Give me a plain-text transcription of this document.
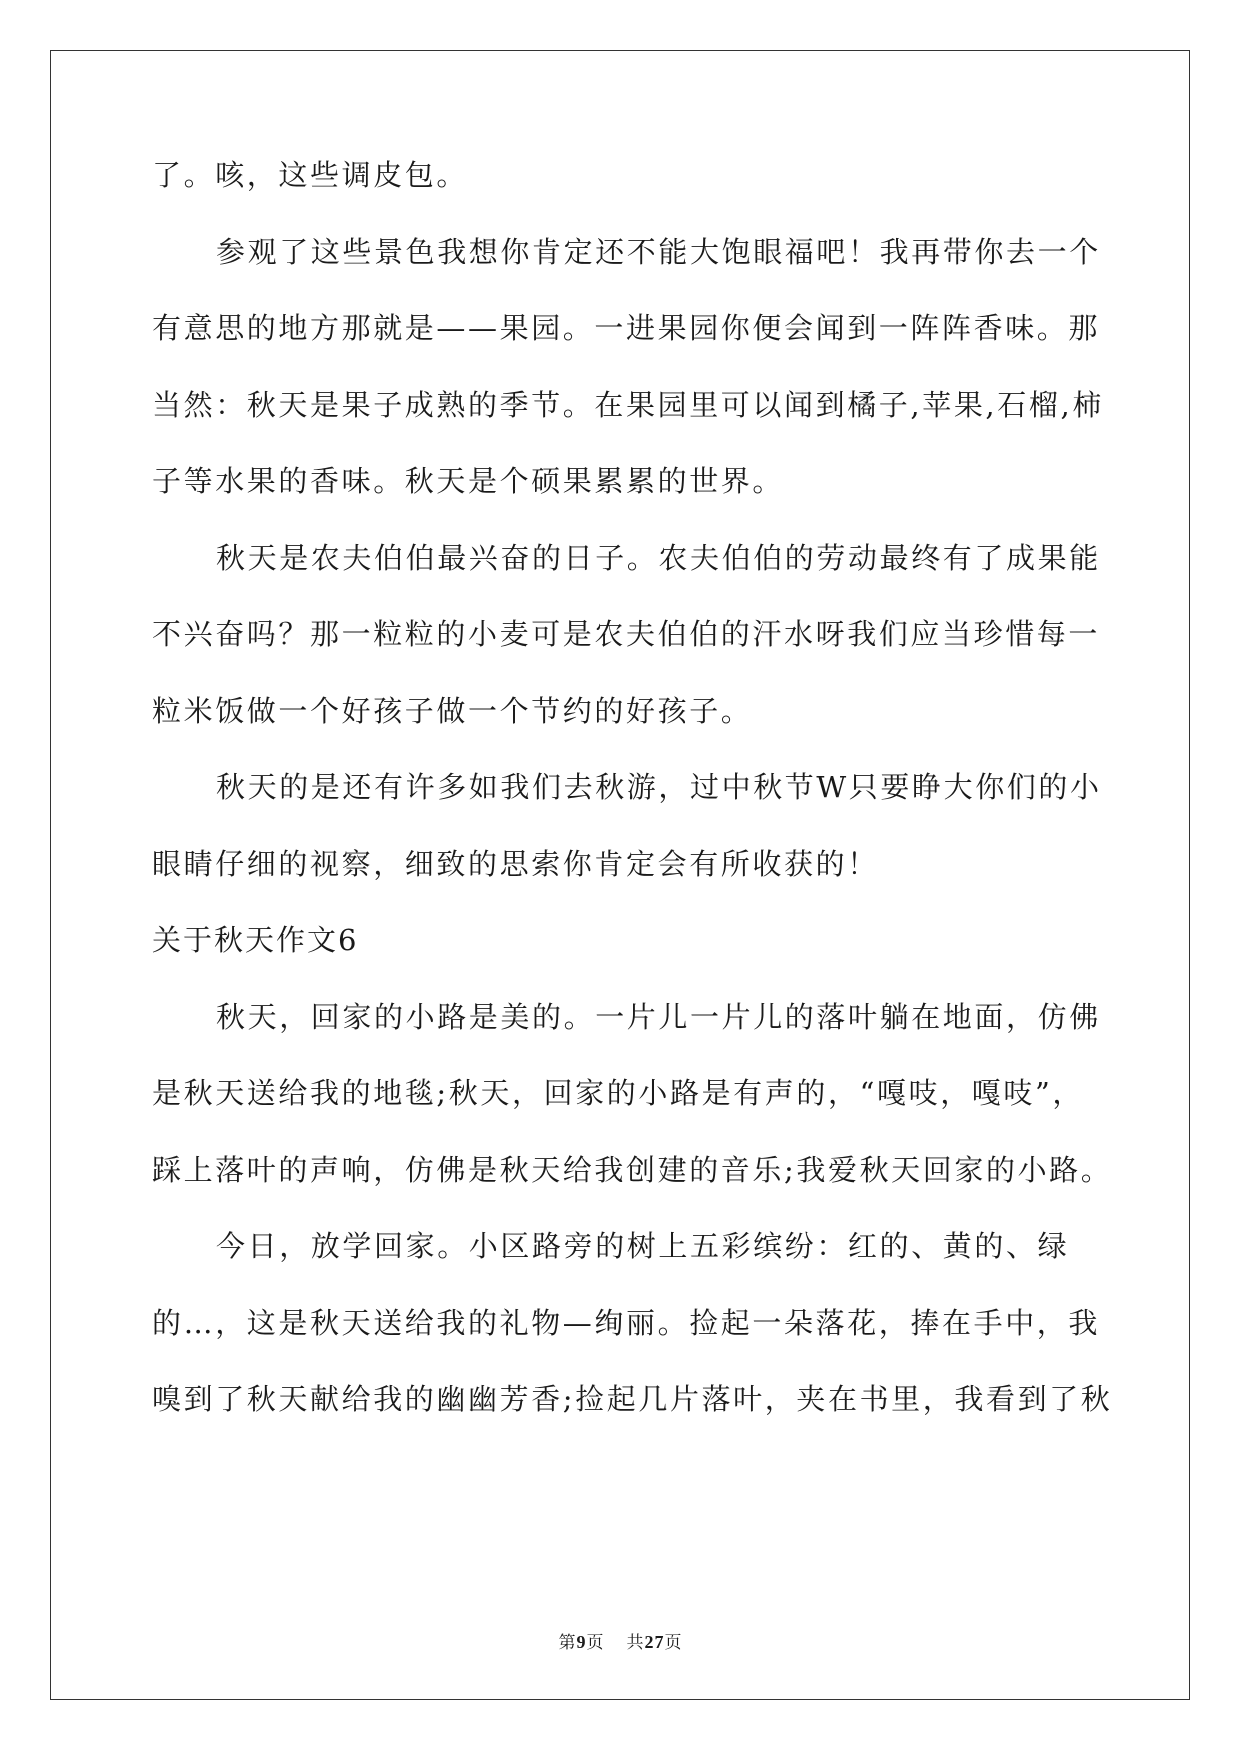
了。咳，这些调皮包。
参观了这些景色我想你肯定还不能大饱眼福吧！我再带你去一个
有意思的地方那就是——果园。一进果园你便会闻到一阵阵香味。那
当然：秋天是果子成熟的季节。在果园里可以闻到橘子,苹果,石榴,柿
子等水果的香味。秋天是个硕果累累的世界。
秋天是农夫伯伯最兴奋的日子。农夫伯伯的劳动最终有了成果能
不兴奋吗？那一粒粒的小麦可是农夫伯伯的汗水呀我们应当珍惜每一
粒米饭做一个好孩子做一个节约的好孩子。
秋天的是还有许多如我们去秋游，过中秋节W只要睁大你们的小
眼睛仔细的视察，细致的思索你肯定会有所收获的！
关于秋天作文6
秋天，回家的小路是美的。一片儿一片儿的落叶躺在地面，仿佛
是秋天送给我的地毯;秋天，回家的小路是有声的，“嘎吱，嘎吱”，
踩上落叶的声响，仿佛是秋天给我创建的音乐;我爱秋天回家的小路。
今日，放学回家。小区路旁的树上五彩缤纷：红的、黄的、绿
的…，这是秋天送给我的礼物—绚丽。捡起一朵落花，捧在手中，我
嗅到了秋天献给我的幽幽芳香;捡起几片落叶，夹在书里，我看到了秋
第9页 共27页
